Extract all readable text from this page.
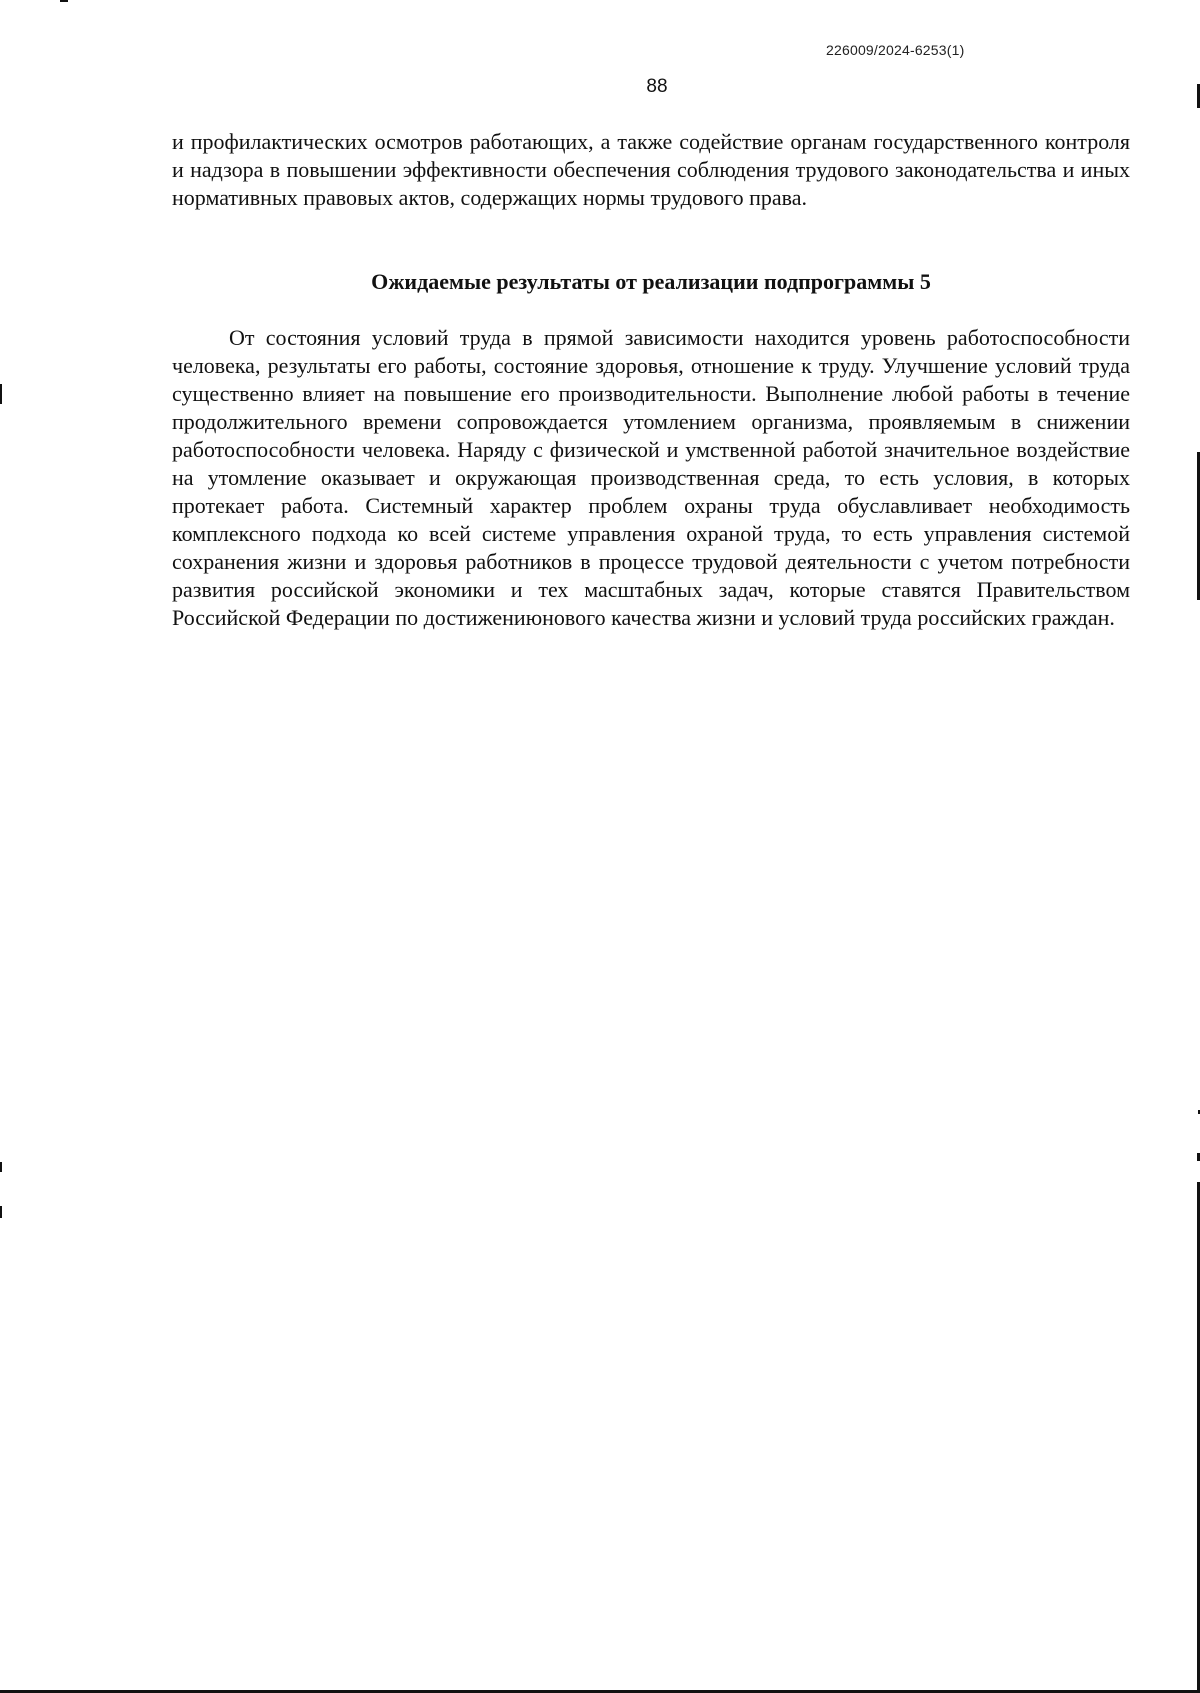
226009/2024-6253(1)
88

и профилактических осмотров работающих, а также содействие органам государственного контроля и надзора в повышении эффективности обеспечения соблюдения трудового законодательства и иных нормативных правовых актов, содержащих нормы трудового права.

Ожидаемые результаты от реализации подпрограммы 5

От состояния условий труда в прямой зависимости находится уровень работоспособности человека, результаты его работы, состояние здоровья, отношение к труду. Улучшение условий труда существенно влияет на повышение его производительности. Выполнение любой работы в течение продолжительного времени сопровождается утомлением организма, проявляемым в снижении работоспособности человека. Наряду с физической и умственной работой значительное воздействие на утомление оказывает и окружающая производственная среда, то есть условия, в которых протекает работа. Системный характер проблем охраны труда обуславливает необходимость комплексного подхода ко всей системе управления охраной труда, то есть управления системой сохранения жизни и здоровья работников в процессе трудовой деятельности с учетом потребности развития российской экономики и тех масштабных задач, которые ставятся Правительством Российской Федерации по достижениюнового качества жизни и условий труда российских граждан.
